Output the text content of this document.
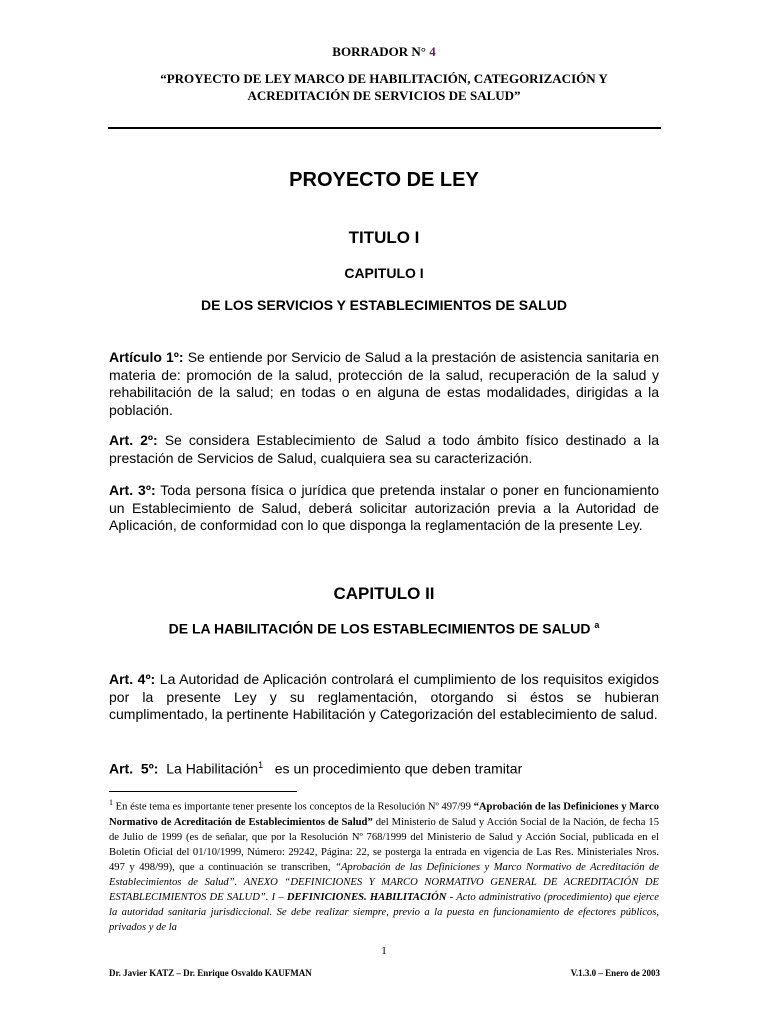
BORRADOR N° 4
“PROYECTO DE LEY MARCO DE HABILITACIÓN, CATEGORIZACIÓN Y
ACREDITACIÓN DE SERVICIOS DE SALUD”
PROYECTO DE LEY
TITULO I
CAPITULO I
DE LOS SERVICIOS Y ESTABLECIMIENTOS DE SALUD
Artículo 1º: Se entiende por Servicio de Salud a la prestación de asistencia sanitaria en materia de: promoción de la salud, protección de la salud, recuperación de la salud y rehabilitación de la salud; en todas o en alguna de estas modalidades, dirigidas a la población.
Art. 2º: Se considera Establecimiento de Salud a todo ámbito físico destinado a la prestación de Servicios de Salud, cualquiera sea su caracterización.
Art. 3º: Toda persona física o jurídica que pretenda instalar o poner en funcionamiento un Establecimiento de Salud, deberá solicitar autorización previa a la Autoridad de Aplicación, de conformidad con lo que disponga la reglamentación de la presente Ley.
CAPITULO II
DE LA HABILITACIÓN DE LOS ESTABLECIMIENTOS DE SALUD $^a$
Art. 4º: La Autoridad de Aplicación controlará el cumplimiento de los requisitos exigidos por la presente Ley y su reglamentación, otorgando si éstos se hubieran cumplimentado, la pertinente Habilitación y Categorización del establecimiento de salud.
Art.  5º:  La Habilitación$^1$   es un procedimiento que deben tramitar
$^1$ En éste tema es importante tener presente los conceptos de la Resolución Nº 497/99 “Aprobación de las Definiciones y Marco Normativo de Acreditación de Establecimientos de Salud” del Ministerio de Salud y Acción Social de la Nación, de fecha 15 de Julio de 1999 (es de señalar, que por la Resolución Nº 768/1999 del Ministerio de Salud y Acción Social, publicada en el Boletín Oficial del 01/10/1999, Número: 29242, Página: 22, se posterga la entrada en vigencia de Las Res. Ministeriales Nros. 497 y 498/99), que a continuación se transcriben, “Aprobación de las Definiciones y Marco Normativo de Acreditación de Establecimientos de Salud”. ANEXO “DEFINICIONES Y MARCO NORMATIVO GENERAL DE ACREDITACIÓN DE ESTABLECIMIENTOS DE SALUD”. I – DEFINICIONES. HABILITACIÓN - Acto administrativo (procedimiento) que ejerce la autoridad sanitaria jurisdiccional. Se debe realizar siempre, previo a la puesta en funcionamiento de efectores públicos, privados y de la
1
Dr. Javier KATZ – Dr. Enrique Osvaldo KAUFMAN	V.1.3.0 – Enero de 2003
